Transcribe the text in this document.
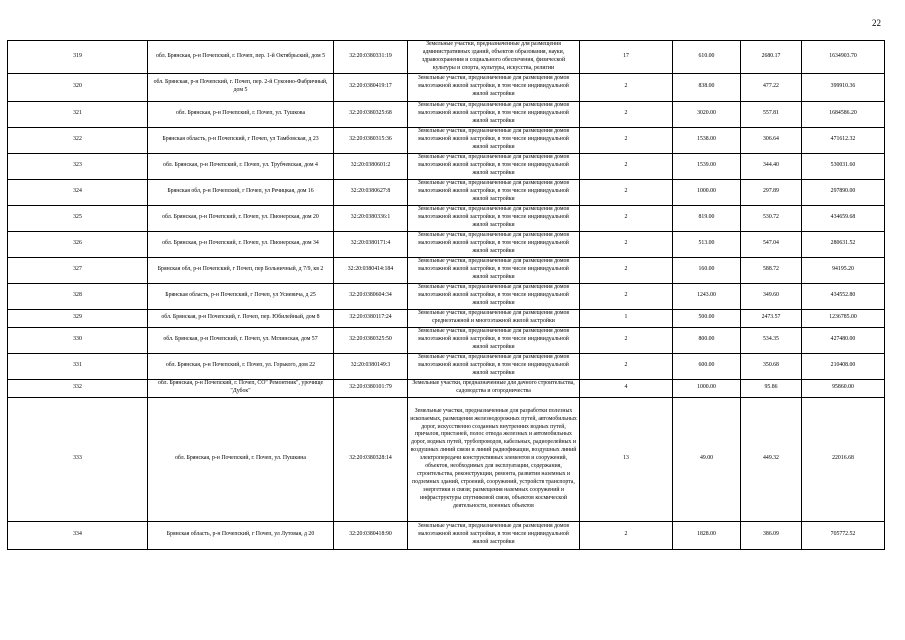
22
319	обл. Брянская, р-н Почепский, г. Почеп, пер. 1-й Октябрьский, дом 5	32:20:0380331:19	Земельные участки, предназначенные для размещения административных зданий, объектов образования, науки, здравоохранения и социального обеспечения, физической культуры и спорта, культуры, искусства, религии	17	610.00	2680.17	1634903.70
320	обл. Брянская, р-н Почепский, г. Почеп, пер. 2-й Суконно-Фабричный, дом 5	32:20:0380419:17	Земельные участки, предназначенные для размещения домов малоэтажной жилой застройки, в том числе индивидуальной жилой застройки	2	838.00	477.22	399910.36
321	обл. Брянская, р-н Почепский, г. Почеп, ул. Тушкова	32:20:0380325:68	Земельные участки, предназначенные для размещения домов малоэтажной жилой застройки, в том числе индивидуальной жилой застройки	2	3020.00	557.81	1684586.20
322	Брянская область, р-н Почепский, г Почеп, ул Тамбовская, д 23	32:20:0380315:36	Земельные участки, предназначенные для размещения домов малоэтажной жилой застройки, в том числе индивидуальной жилой застройки	2	1538.00	306.64	471612.32
323	обл. Брянская, р-н Почепский, г. Почеп, ул. Трубчевская, дом 4	32:20:0380601:2	Земельные участки, предназначенные для размещения домов малоэтажной жилой застройки, в том числе индивидуальной жилой застройки	2	1539.00	344.40	530031.60
324	Брянская обл, р-н Почепский, г Почеп, ул Речицкая, дом 16	32:20:0380627:8	Земельные участки, предназначенные для размещения домов малоэтажной жилой застройки, в том числе индивидуальной жилой застройки	2	1000.00	297.89	297890.00
325	обл. Брянская, р-н Почепский, г. Почеп, ул. Пионерская, дом 20	32:20:0380336:1	Земельные участки, предназначенные для размещения домов малоэтажной жилой застройки, в том числе индивидуальной жилой застройки	2	819.00	530.72	434659.68
326	обл. Брянская, р-н Почепский, г. Почеп, ул. Пионерская, дом 34	32:20:0380171:4	Земельные участки, предназначенные для размещения домов малоэтажной жилой застройки, в том числе индивидуальной жилой застройки	2	513.00	547.04	280631.52
327	Брянская обл, р-н Почепский, г Почеп, пер Больничный, д 7/9, кв 2	32:20:0380414:184	Земельные участки, предназначенные для размещения домов малоэтажной жилой застройки, в том числе индивидуальной жилой застройки	2	160.00	588.72	94195.20
328	Брянская область, р-н Почепский, г Почеп, ул Усиевича, д 25	32:20:0380604:34	Земельные участки, предназначенные для размещения домов малоэтажной жилой застройки, в том числе индивидуальной жилой застройки	2	1243.00	349.60	434552.80
329	обл. Брянская, р-н Почепский, г. Почеп, пер. Юбилейный, дом 8	32:20:0380117:24	Земельные участки, предназначенные для размещения домов среднеэтажной и многоэтажной жилой застройки	1	500.00	2473.57	1236785.00
330	обл. Брянская, р-н Почепский, г. Почеп, ул. Мглинская, дом 57	32:20:0380325:50	Земельные участки, предназначенные для размещения домов малоэтажной жилой застройки, в том числе индивидуальной жилой застройки	2	800.00	534.35	427480.00
331	обл. Брянская, р-н Почепский, г. Почеп, ул. Горького, дом 22	32:20:0380149:3	Земельные участки, предназначенные для размещения домов малоэтажной жилой застройки, в том числе индивидуальной жилой застройки	2	600.00	350.68	210408.00
332	обл. Брянская, р-н Почепский, г. Почеп, СО" Ремонтник", урочище "Дубок"	32:20:0380101:79	Земельные участки, предназначенные для дачного строительства, садоводства и огородничества	4	1000.00	95.86	95860.00
333	обл. Брянская, р-н Почепский, г. Почеп, ул. Пушкина	32:20:0380328:14	Земельные участки, предназначенные для разработки полезных ископаемых, размещения железнодорожных путей, автомобильных дорог, искусственно созданных внутренних водных путей, причалов, пристаней, полос отвода железных и автомобильных дорог, водных путей, трубопроводов, кабельных, радиорелейных и воздушных линий связи и линий радиофикации, воздушных линий электропередачи конструктивных элементов и сооружений, объектов, необходимых для эксплуатации, содержания, строительства, реконструкции, ремонта, развития наземных и подземных зданий, строений, сооружений, устройств транспорта, энергетики и связи; размещения наземных сооружений и инфраструктуры спутниковой связи, объектов космической деятельности, военных объектов	13	49.00	449.32	22016.68
334	Брянская область, р-н Почепский, г Почеп, ул Лутовая, д 20	32:20:0380418:90	Земельные участки, предназначенные для размещения домов малоэтажной жилой застройки, в том числе индивидуальной жилой застройки	2	1828.00	386.09	705772.52
